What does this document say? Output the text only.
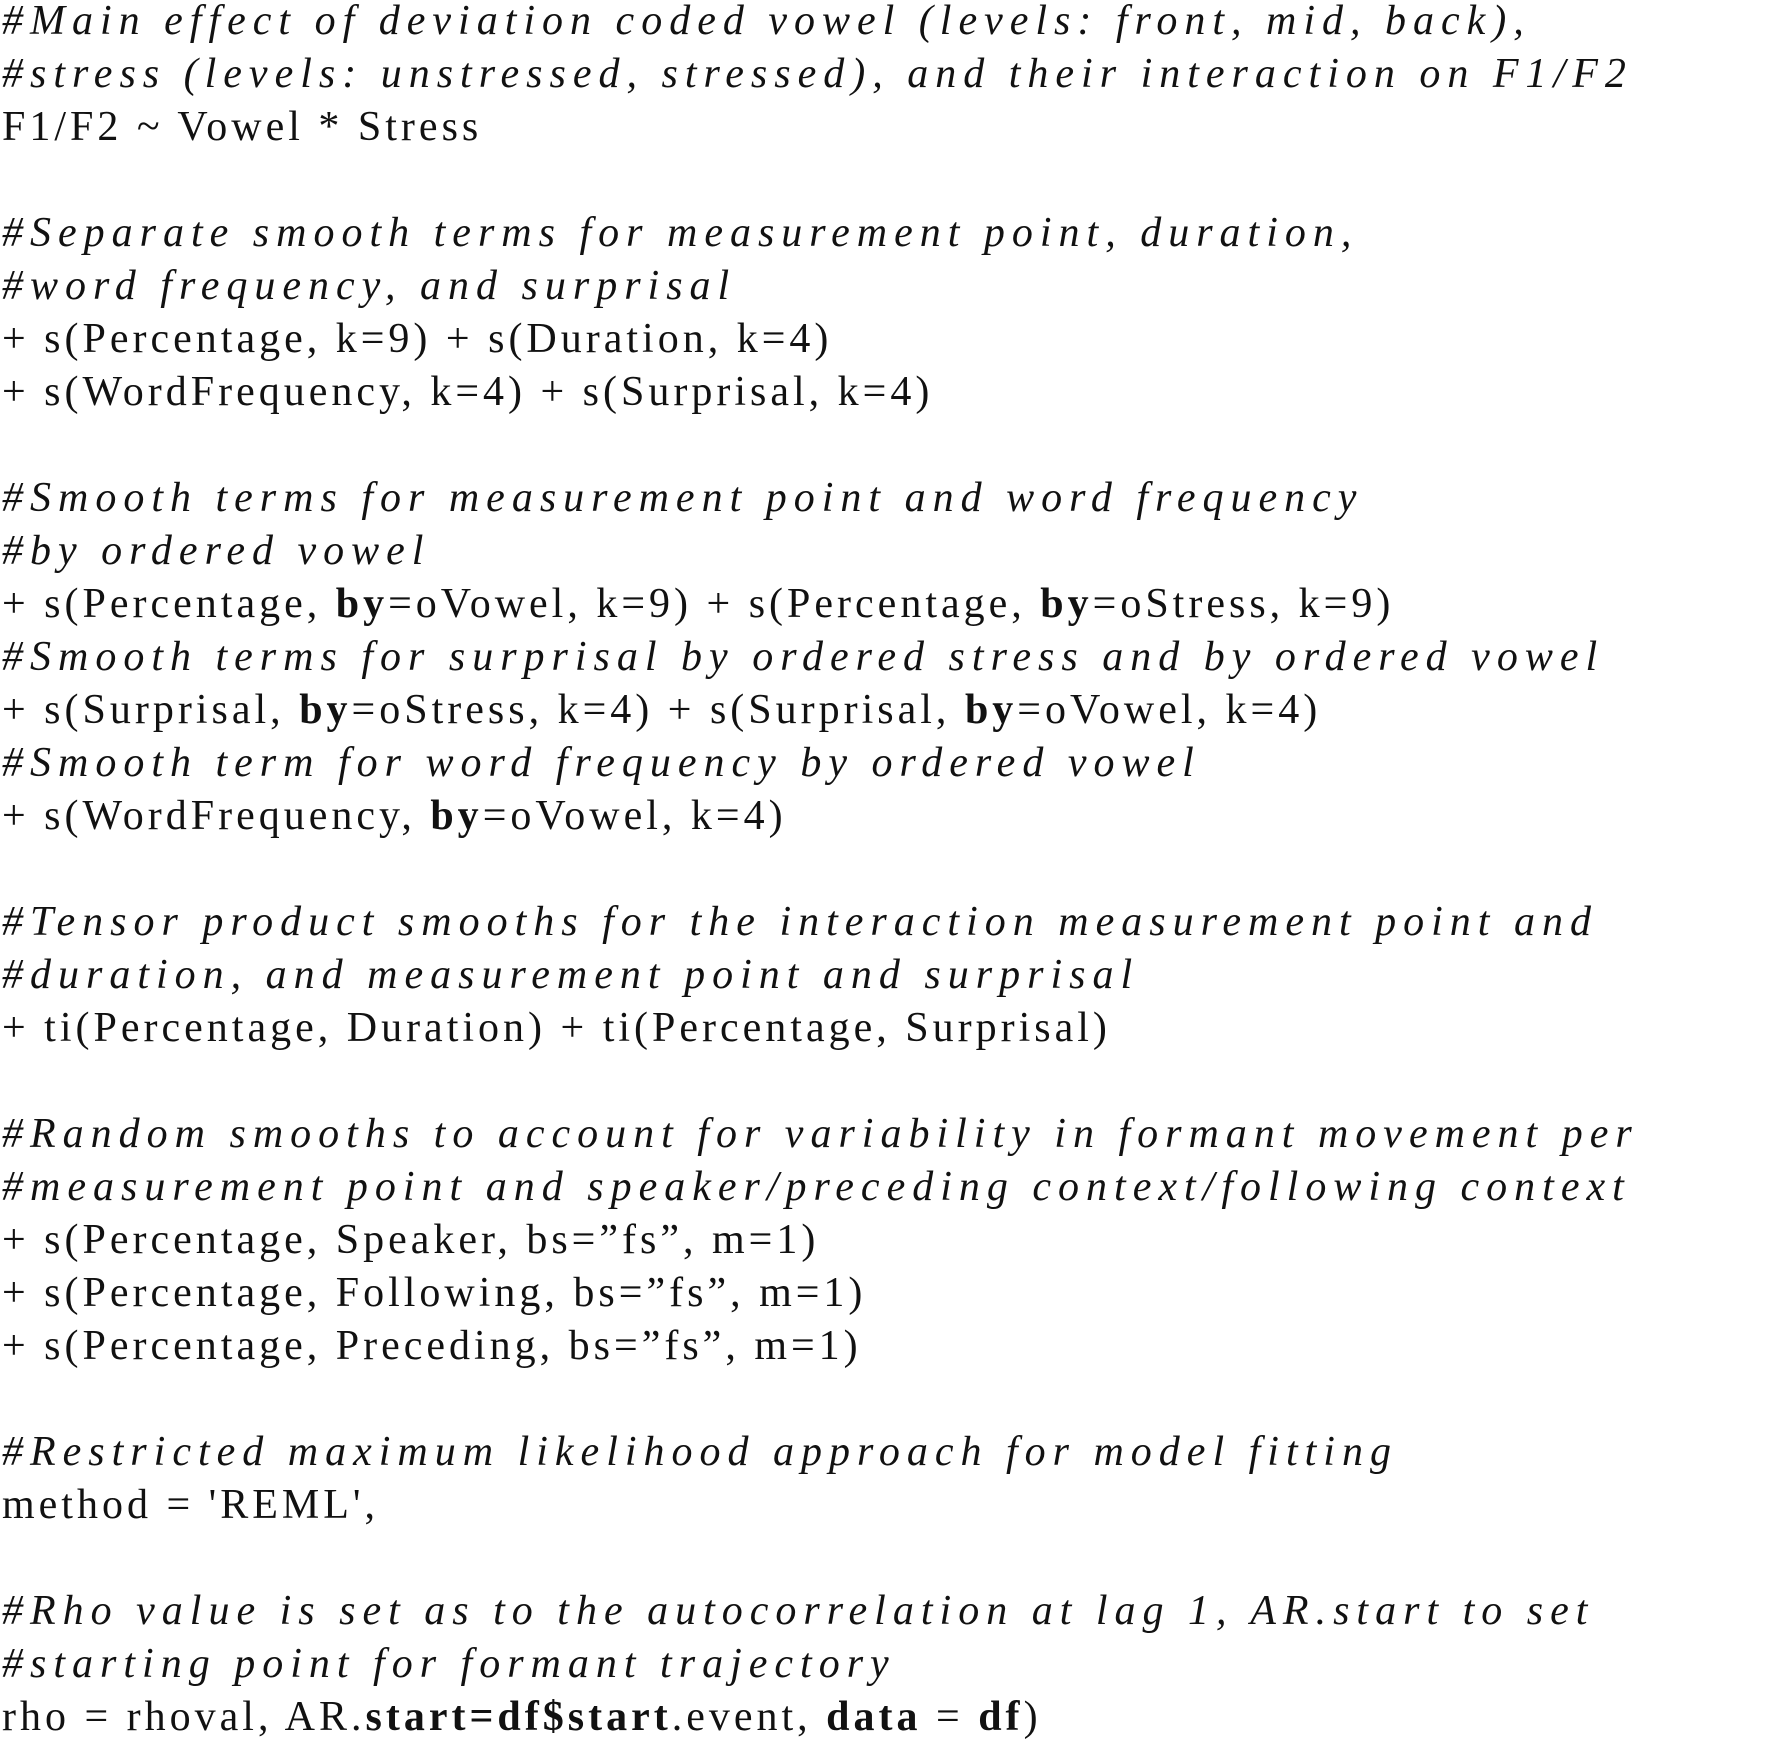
#Main effect of deviation coded vowel (levels: front, mid, back),
#stress (levels: unstressed, stressed), and their interaction on F1/F2
F1/F2 ~ Vowel * Stress
#Separate smooth terms for measurement point, duration,
#word frequency, and surprisal
+ s(Percentage, k=9) + s(Duration, k=4)
+ s(WordFrequency, k=4) + s(Surprisal, k=4)
#Smooth terms for measurement point and word frequency
#by ordered vowel
+ s(Percentage, by=oVowel, k=9) + s(Percentage, by=oStress, k=9)
#Smooth terms for surprisal by ordered stress and by ordered vowel
+ s(Surprisal, by=oStress, k=4) + s(Surprisal, by=oVowel, k=4)
#Smooth term for word frequency by ordered vowel
+ s(WordFrequency, by=oVowel, k=4)
#Tensor product smooths for the interaction measurement point and
#duration, and measurement point and surprisal
+ ti(Percentage, Duration) + ti(Percentage, Surprisal)
#Random smooths to account for variability in formant movement per
#measurement point and speaker/preceding context/following context
+ s(Percentage, Speaker, bs=”fs”, m=1)
+ s(Percentage, Following, bs=”fs”, m=1)
+ s(Percentage, Preceding, bs=”fs”, m=1)
#Restricted maximum likelihood approach for model fitting
method = 'REML',
#Rho value is set as to the autocorrelation at lag 1, AR.start to set
#starting point for formant trajectory
rho = rhoval, AR.start=df$start.event, data = df)
